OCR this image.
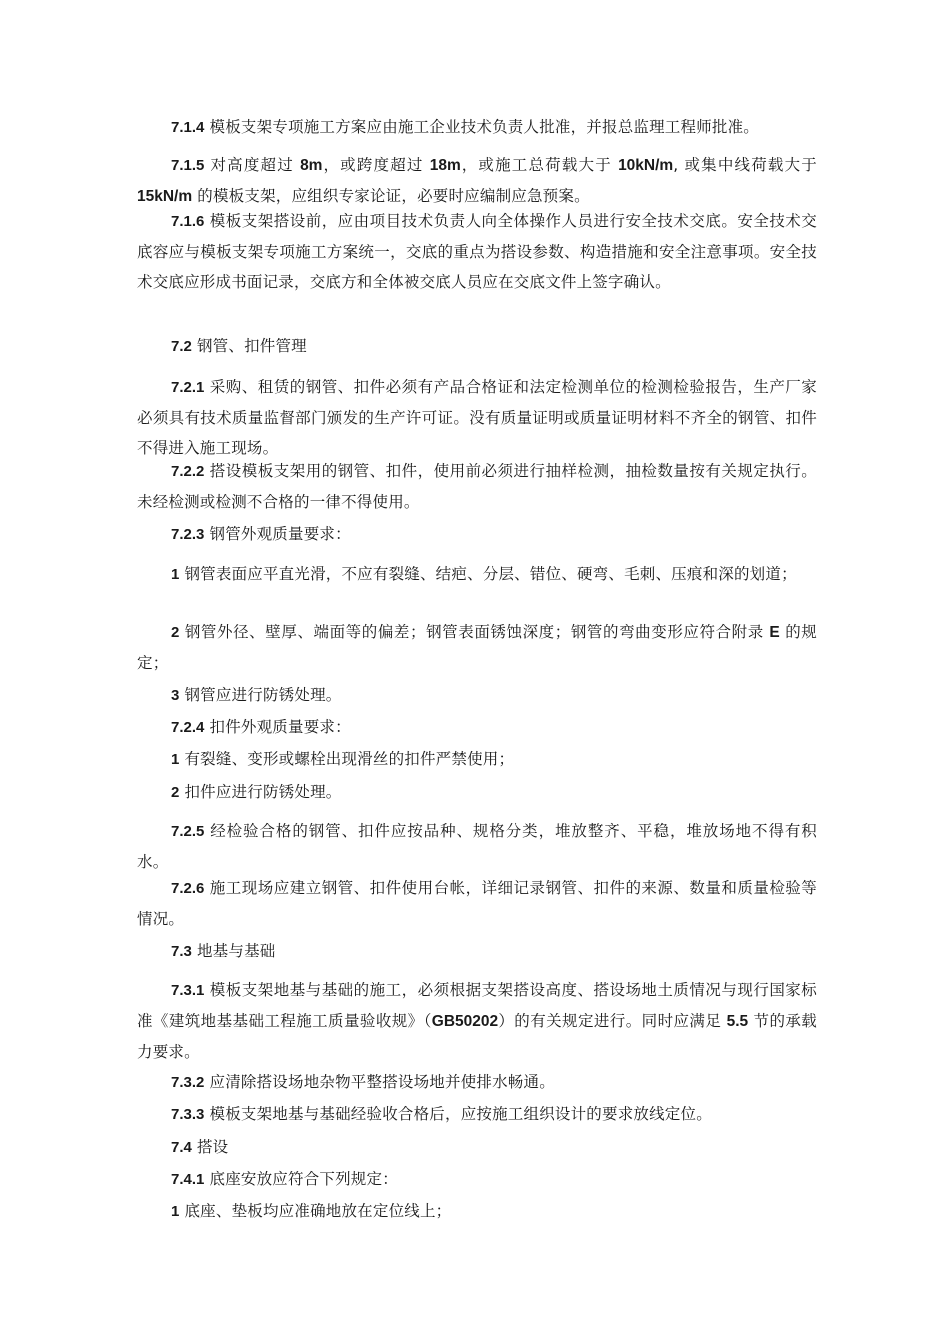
7.1.4 模板支架专项施工方案应由施工企业技术负责人批准，并报总监理工程师批准。

7.1.5 对高度超过 8m，或跨度超过 18m，或施工总荷载大于 10kN/m, 或集中线荷载大于 15kN/m 的模板支架，应组织专家论证，必要时应编制应急预案。

7.1.6 模板支架搭设前，应由项目技术负责人向全体操作人员进行安全技术交底。安全技术交底容应与模板支架专项施工方案统一，交底的重点为搭设参数、构造措施和安全注意事项。安全技术交底应形成书面记录，交底方和全体被交底人员应在交底文件上签字确认。

7.2 钢管、扣件管理

7.2.1 采购、租赁的钢管、扣件必须有产品合格证和法定检测单位的检测检验报告，生产厂家必须具有技术质量监督部门颁发的生产许可证。没有质量证明或质量证明材料不齐全的钢管、扣件不得进入施工现场。

7.2.2 搭设模板支架用的钢管、扣件，使用前必须进行抽样检测，抽检数量按有关规定执行。未经检测或检测不合格的一律不得使用。

7.2.3 钢管外观质量要求：

1 钢管表面应平直光滑，不应有裂缝、结疤、分层、错位、硬弯、毛刺、压痕和深的划道；

2 钢管外径、壁厚、端面等的偏差；钢管表面锈蚀深度；钢管的弯曲变形应符合附录 E 的规定；

3 钢管应进行防锈处理。

7.2.4 扣件外观质量要求：

1 有裂缝、变形或螺栓出现滑丝的扣件严禁使用；

2 扣件应进行防锈处理。

7.2.5 经检验合格的钢管、扣件应按品种、规格分类，堆放整齐、平稳，堆放场地不得有积水。

7.2.6 施工现场应建立钢管、扣件使用台帐，详细记录钢管、扣件的来源、数量和质量检验等情况。

7.3 地基与基础

7.3.1 模板支架地基与基础的施工，必须根据支架搭设高度、搭设场地土质情况与现行国家标准《建筑地基基础工程施工质量验收规》（GB50202）的有关规定进行。同时应满足 5.5 节的承载力要求。

7.3.2 应清除搭设场地杂物平整搭设场地并使排水畅通。

7.3.3 模板支架地基与基础经验收合格后，应按施工组织设计的要求放线定位。

7.4 搭设

7.4.1 底座安放应符合下列规定：

1 底座、垫板均应准确地放在定位线上；
